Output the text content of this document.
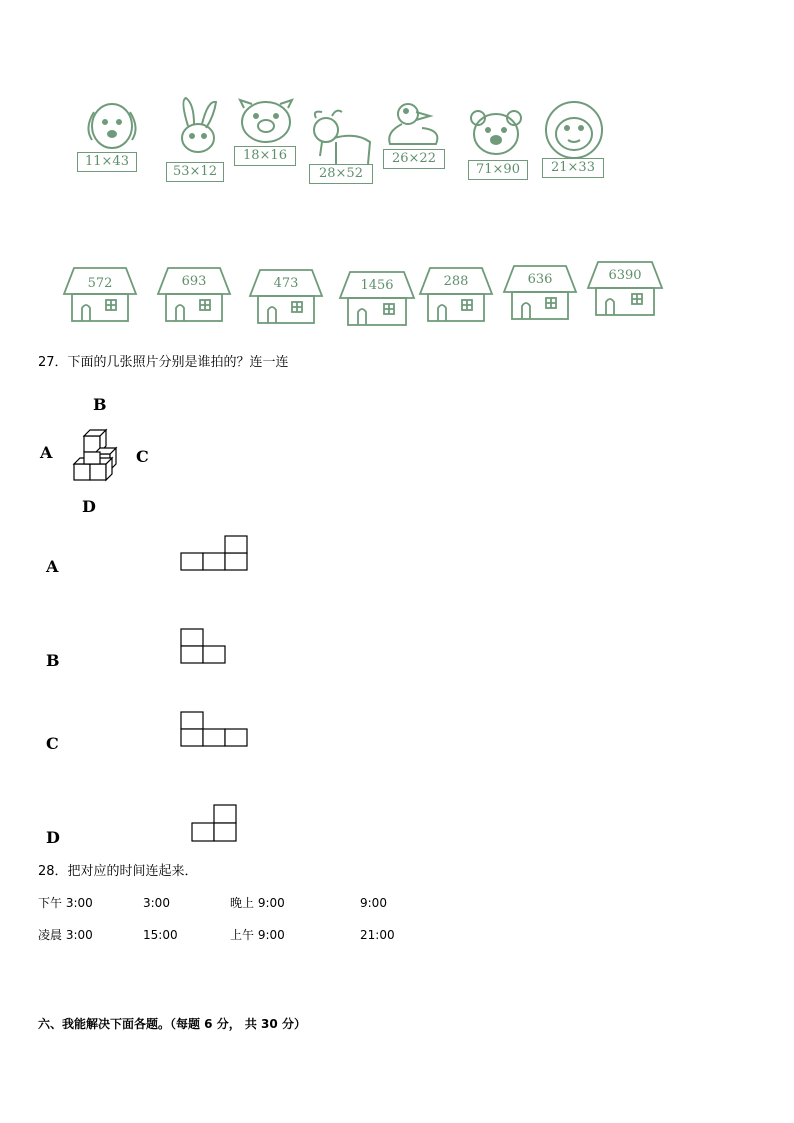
11×43
53×12
18×16
28×52
26×22
71×90	21×33
572	693	473	1456	288	636	6390
27．下面的几张照片分别是谁拍的？连一连
B
A	C
D
A
B
C
D
28．把对应的时间连起来．
下午 3:00	3:00	晚上 9:00	9:00
凌晨 3:00	15:00	上午 9:00	21:00
六、我能解决下面各题。（每题 6 分， 共 30 分）
